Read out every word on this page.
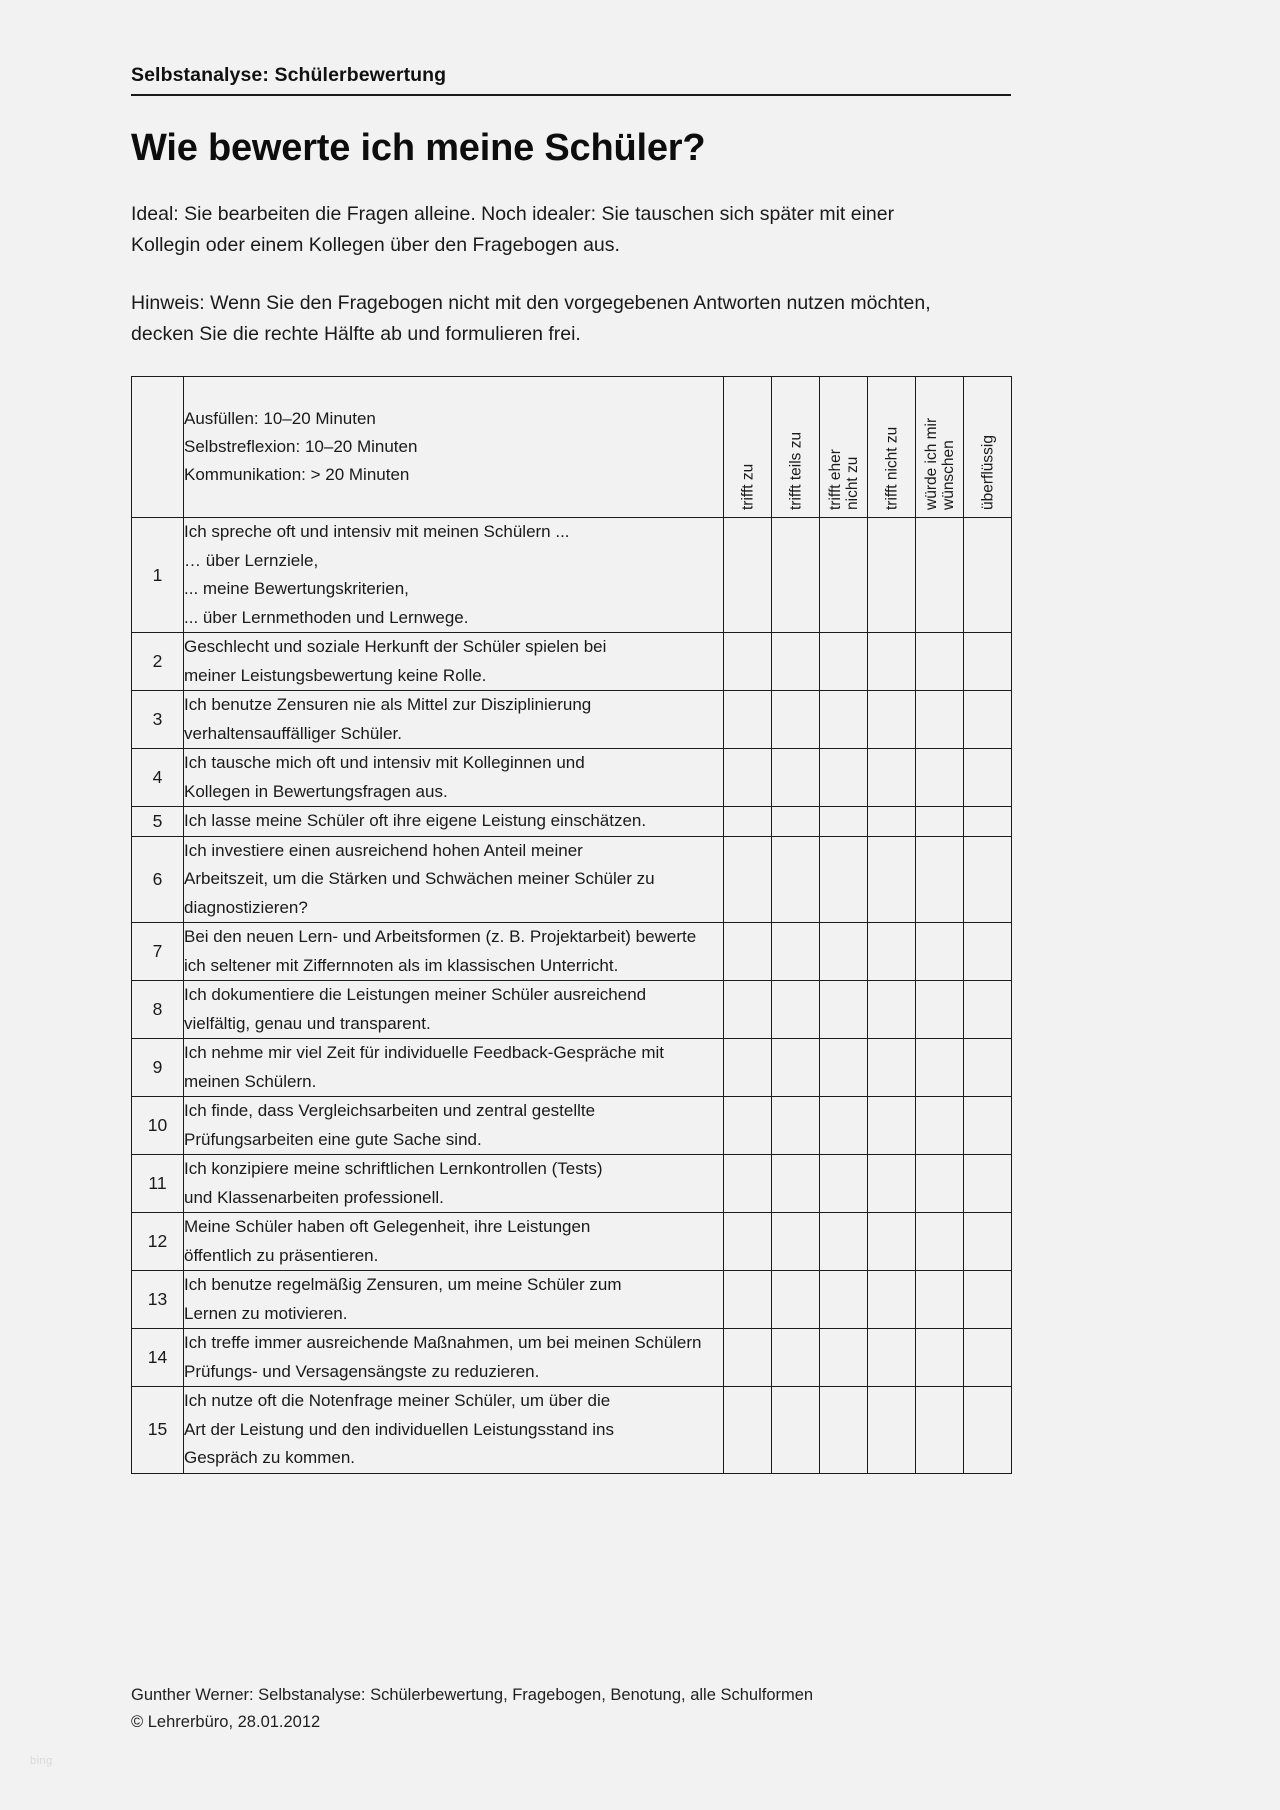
Selbstanalyse: Schülerbewertung
Wie bewerte ich meine Schüler?

Ideal: Sie bearbeiten die Fragen alleine. Noch idealer: Sie tauschen sich später mit einer Kollegin oder einem Kollegen über den Fragebogen aus.

Hinweis: Wenn Sie den Fragebogen nicht mit den vorgegebenen Antworten nutzen möchten, decken Sie die rechte Hälfte ab und formulieren frei.

Ausfüllen: 10–20 Minuten
Selbstreflexion: 10–20 Minuten
Kommunikation: > 20 Minuten	trifft zu	trifft teils zu	trifft eher nicht zu	trifft nicht zu	würde ich mir wünschen	überflüssig

1	Ich spreche oft und intensiv mit meinen Schülern ...
… über Lernziele,
... meine Bewertungskriterien,
... über Lernmethoden und Lernwege.						

2	Geschlecht und soziale Herkunft der Schüler spielen bei
meiner Leistungsbewertung keine Rolle.						

3	Ich benutze Zensuren nie als Mittel zur Disziplinierung
verhaltensauffälliger Schüler.						

4	Ich tausche mich oft und intensiv mit Kolleginnen und
Kollegen in Bewertungsfragen aus.						

5	Ich lasse meine Schüler oft ihre eigene Leistung einschätzen.						

6	Ich investiere einen ausreichend hohen Anteil meiner
Arbeitszeit, um die Stärken und Schwächen meiner Schüler zu
diagnostizieren?						

7	Bei den neuen Lern- und Arbeitsformen (z. B. Projektarbeit) bewerte
ich seltener mit Ziffernnoten als im klassischen Unterricht.						

8	Ich dokumentiere die Leistungen meiner Schüler ausreichend
vielfältig, genau und transparent.						

9	Ich nehme mir viel Zeit für individuelle Feedback-Gespräche mit
meinen Schülern.						

10	Ich finde, dass Vergleichsarbeiten und zentral gestellte
Prüfungsarbeiten eine gute Sache sind.						

11	Ich konzipiere meine schriftlichen Lernkontrollen (Tests)
und Klassenarbeiten professionell.						

12	Meine Schüler haben oft Gelegenheit, ihre Leistungen
öffentlich zu präsentieren.						

13	Ich benutze regelmäßig Zensuren, um meine Schüler zum
Lernen zu motivieren.						

14	Ich treffe immer ausreichende Maßnahmen, um bei meinen Schülern
Prüfungs- und Versagensängste zu reduzieren.						

15	Ich nutze oft die Notenfrage meiner Schüler, um über die
Art der Leistung und den individuellen Leistungsstand ins
Gespräch zu kommen.						

Gunther Werner: Selbstanalyse: Schülerbewertung, Fragebogen, Benotung, alle Schulformen
© Lehrerbüro, 28.01.2012
bing
